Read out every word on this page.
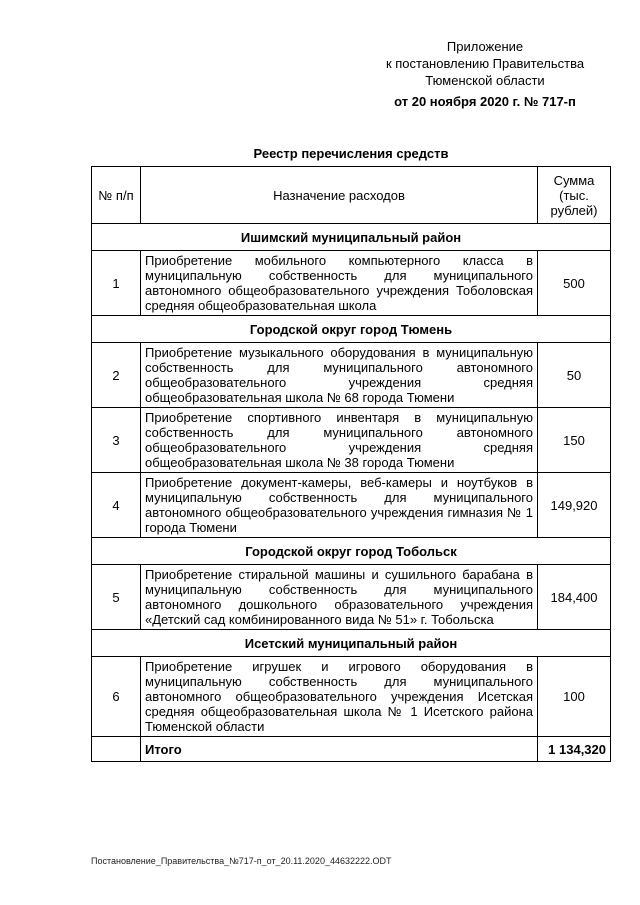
Приложение
к постановлению Правительства
Тюменской области
от 20 ноября 2020 г. № 717-п
Реестр перечисления средств
№ п/п	Назначение расходов	Сумма (тыс. рублей)
Ишимский муниципальный район		
1	Приобретение мобильного компьютерного класса в муниципальную собственность для муниципального автономного общеобразовательного учреждения Тоболовская средняя общеобразовательная школа	500
Городской округ город Тюмень		
2	Приобретение музыкального оборудования в муниципальную собственность для муниципального автономного общеобразовательного учреждения средняя общеобразовательная школа № 68 города Тюмени	50
3	Приобретение спортивного инвентаря в муниципальную собственность для муниципального автономного общеобразовательного учреждения средняя общеобразовательная школа № 38 города Тюмени	150
4	Приобретение документ-камеры, веб-камеры и ноутбуков в муниципальную собственность для муниципального автономного общеобразовательного учреждения гимназия № 1 города Тюмени	149,920
Городской округ город Тобольск		
5	Приобретение стиральной машины и сушильного барабана в муниципальную собственность для муниципального автономного дошкольного образовательного учреждения «Детский сад комбинированного вида № 51» г. Тобольска	184,400
Исетский муниципальный район		
6	Приобретение игрушек и игрового оборудования в муниципальную собственность для муниципального автономного общеобразовательного учреждения Исетская средняя общеобразовательная школа № 1 Исетского района Тюменской области	100
	Итого	1 134,320
Постановление_Правительства_№717-п_от_20.11.2020_44632222.ODT
